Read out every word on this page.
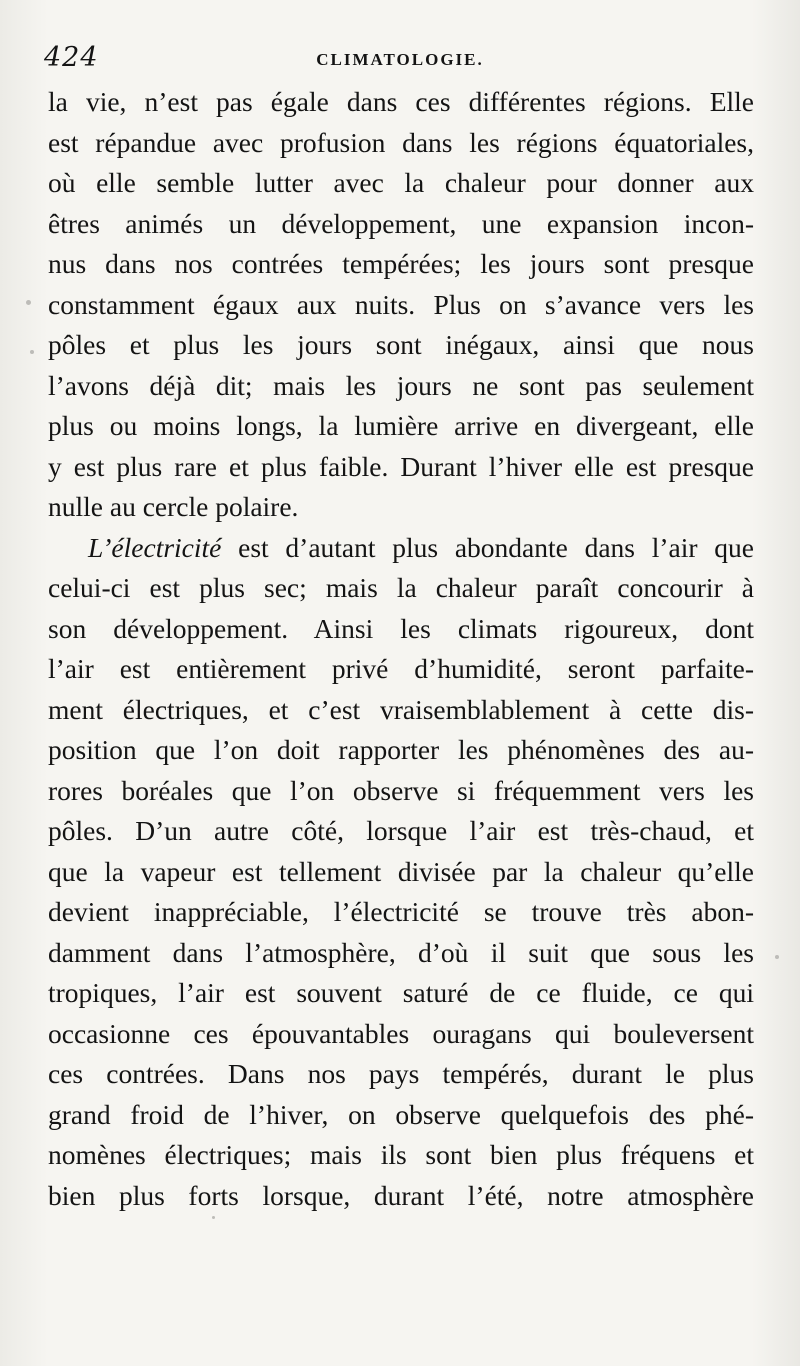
424	CLIMATOLOGIE.
la vie, n’est pas égale dans ces différentes régions. Elle
est répandue avec profusion dans les régions équatoriales,
où elle semble lutter avec la chaleur pour donner aux
êtres animés un développement, une expansion incon-
nus dans nos contrées tempérées; les jours sont presque
constamment égaux aux nuits. Plus on s’avance vers les
pôles et plus les jours sont inégaux, ainsi que nous
l’avons déjà dit; mais les jours ne sont pas seulement
plus ou moins longs, la lumière arrive en divergeant, elle
y est plus rare et plus faible. Durant l’hiver elle est presque
nulle au cercle polaire.
L’électricité est d’autant plus abondante dans l’air que
celui-ci est plus sec; mais la chaleur paraît concourir à
son développement. Ainsi les climats rigoureux, dont
l’air est entièrement privé d’humidité, seront parfaite-
ment électriques, et c’est vraisemblablement à cette dis-
position que l’on doit rapporter les phénomènes des au-
rores boréales que l’on observe si fréquemment vers les
pôles. D’un autre côté, lorsque l’air est très-chaud, et
que la vapeur est tellement divisée par la chaleur qu’elle
devient inappréciable, l’électricité se trouve très abon-
damment dans l’atmosphère, d’où il suit que sous les
tropiques, l’air est souvent saturé de ce fluide, ce qui
occasionne ces épouvantables ouragans qui bouleversent
ces contrées. Dans nos pays tempérés, durant le plus
grand froid de l’hiver, on observe quelquefois des phé-
nomènes électriques; mais ils sont bien plus fréquens et
bien plus forts lorsque, durant l’été, notre atmosphère
